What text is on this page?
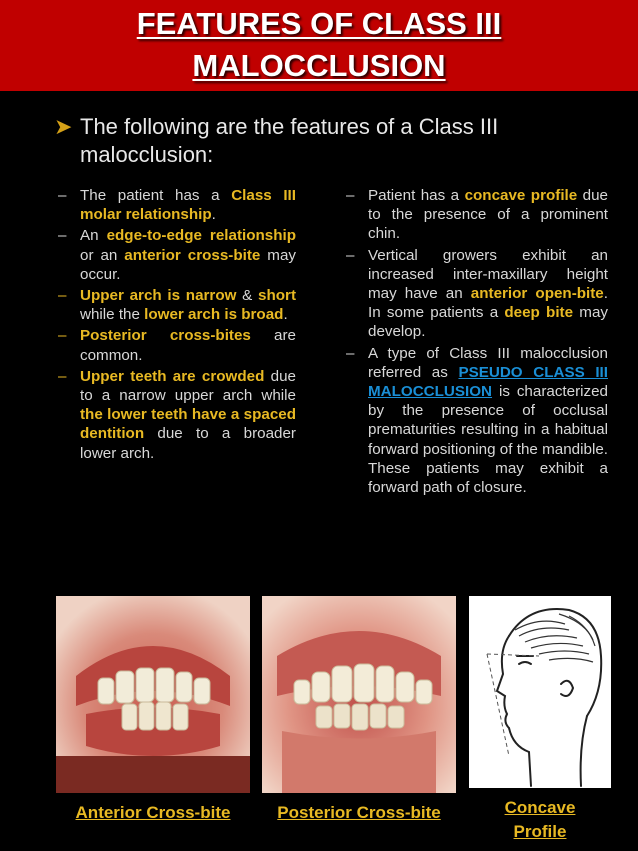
FEATURES OF CLASS III
MALOCCLUSION
➤ The following are the features of a Class III malocclusion:
– The patient has a Class III molar relationship.
– An edge-to-edge relationship or an anterior cross-bite may occur.
– Upper arch is narrow & short while the lower arch is broad.
– Posterior cross-bites are common.
– Upper teeth are crowded due to a narrow upper arch while the lower teeth have a spaced dentition due to a broader lower arch.
– Patient has a concave profile due to the presence of a prominent chin.
– Vertical growers exhibit an increased inter-maxillary height may have an anterior open-bite. In some patients a deep bite may develop.
– A type of Class III malocclusion referred as PSEUDO CLASS III MALOCCLUSION is characterized by the presence of occlusal prematurities resulting in a habitual forward positioning of the mandible. These patients may exhibit a forward path of closure.
Anterior Cross-bite	Posterior Cross-bite	Concave
Profile
